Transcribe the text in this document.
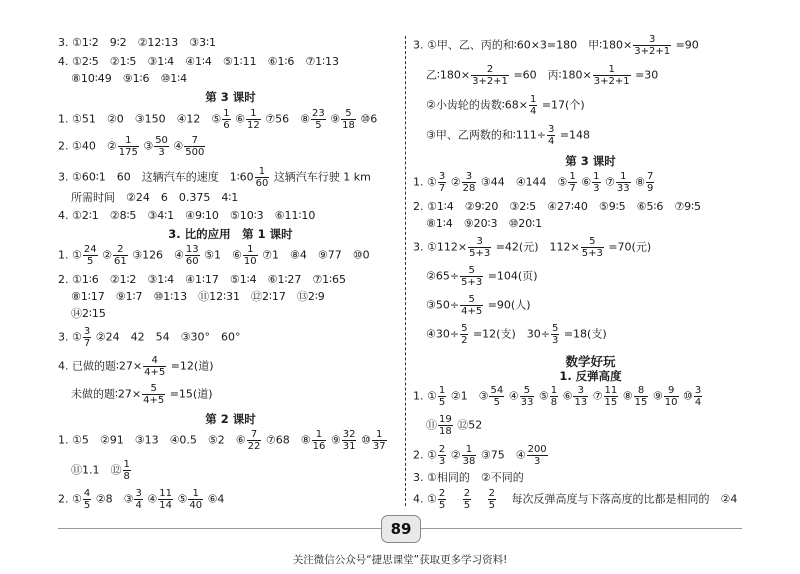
3. ①1∶2　9∶2　②12∶13　③3∶1
4. ①2∶5　②1∶5　③1∶4　④1∶4　⑤1∶11　⑥1∶6　⑦1∶13
⑧10∶49　⑨1∶6　⑩1∶4
第 3 课时
1. ①51　②0　③150　④12　⑤ $\frac{1}{6}$ ⑥ $\frac{1}{12}$ ⑦56　⑧ $\frac{23}{5}$ ⑨ $\frac{5}{18}$ ⑩6
2. ①40　② $\frac{1}{175}$ ③ $\frac{50}{3}$ ④ $\frac{7}{500}$
3. ①60∶1　60　这辆汽车的速度　1∶60 $\frac{1}{60}$ 这辆汽车行驶 1 km
所需时间　②24　6　0.375　4∶1
4. ①2∶1　②8∶5　③4∶1　④9∶10　⑤10∶3　⑥11∶10
3. 比的应用　第 1 课时
1. ① $\frac{24}{5}$ ② $\frac{2}{61}$ ③126　④ $\frac{13}{60}$ ⑤1　⑥ $\frac{1}{10}$ ⑦1　⑧4　⑨77　⑩0
2. ①1∶6　②1∶2　③1∶4　④1∶17　⑤1∶4　⑥1∶27　⑦1∶65
⑧1∶17　⑨1∶7　⑩1∶13　⑪12∶31　⑫2∶17　⑬2∶9
⑭2∶15
3. ① $\frac{3}{7}$ ②24　42　54　③30°　60°
4. 已做的题∶27× $\frac{4}{4+5} =12$(道)
未做的题∶27× $\frac{5}{4+5} =15$(道)
第 2 课时
1. ①5　②91　③13　④0.5　⑤2　⑥ $\frac{7}{22}$ ⑦68　⑧ $\frac{1}{16}$ ⑨ $\frac{32}{31}$ ⑩ $\frac{1}{37}$
⑪1.1　⑫ $\frac{1}{8}$
2. ① $\frac{4}{5}$ ②8　③ $\frac{3}{4}$ ④ $\frac{11}{14}$ ⑤ $\frac{1}{40}$ ⑥4
3. ①甲、乙、丙的和∶60×3=180　甲∶180× $\frac{3}{3+2+1} =90$
乙∶180× $\frac{2}{3+2+1} =60$　丙∶180× $\frac{1}{3+2+1} =30$
②小齿轮的齿数∶68× $\frac{1}{4} =17$(个)
③甲、乙两数的和∶111÷ $\frac{3}{4} =148$
第 3 课时
1. ① $\frac{3}{7}$ ② $\frac{3}{28}$ ③44　④144　⑤ $\frac{1}{7}$ ⑥ $\frac{1}{3}$ ⑦ $\frac{1}{33}$ ⑧ $\frac{7}{9}$
2. ①1∶4　②9∶20　③2∶5　④27∶40　⑤9∶5　⑥5∶6　⑦9∶5
⑧1∶4　⑨20∶3　⑩20∶1
3. ①112× $\frac{3}{5+3} =42$(元)　$112\times \frac{5}{5+3} =70$(元)
②65÷ $\frac{5}{5+3} =104$(页)
③50÷ $\frac{5}{4+5} =90$(人)
④30÷ $\frac{5}{2} =12$(支)　$30\div \frac{5}{3} =18$(支)
数学好玩
1. 反弹高度
1. ① $\frac{1}{5}$ ②1　③ $\frac{54}{5}$ ④ $\frac{5}{33}$ ⑤ $\frac{1}{8}$ ⑥ $\frac{3}{13}$ ⑦ $\frac{11}{15}$ ⑧ $\frac{8}{15}$ ⑨ $\frac{9}{10}$ ⑩ $\frac{3}{4}$
⑪ $\frac{19}{18}$ ⑫52
2. ① $\frac{2}{3}$ ② $\frac{1}{38}$ ③75　④ $\frac{200}{3}$
3. ①相同的　②不同的
4. ① $\frac{2}{5}$
  $\frac{2}{5}$
  $\frac{2}{5}$
  每次反弹高度与下落高度的比都是相同的　②4
89
关注微信公众号“捷思课堂”获取更多学习资料!
